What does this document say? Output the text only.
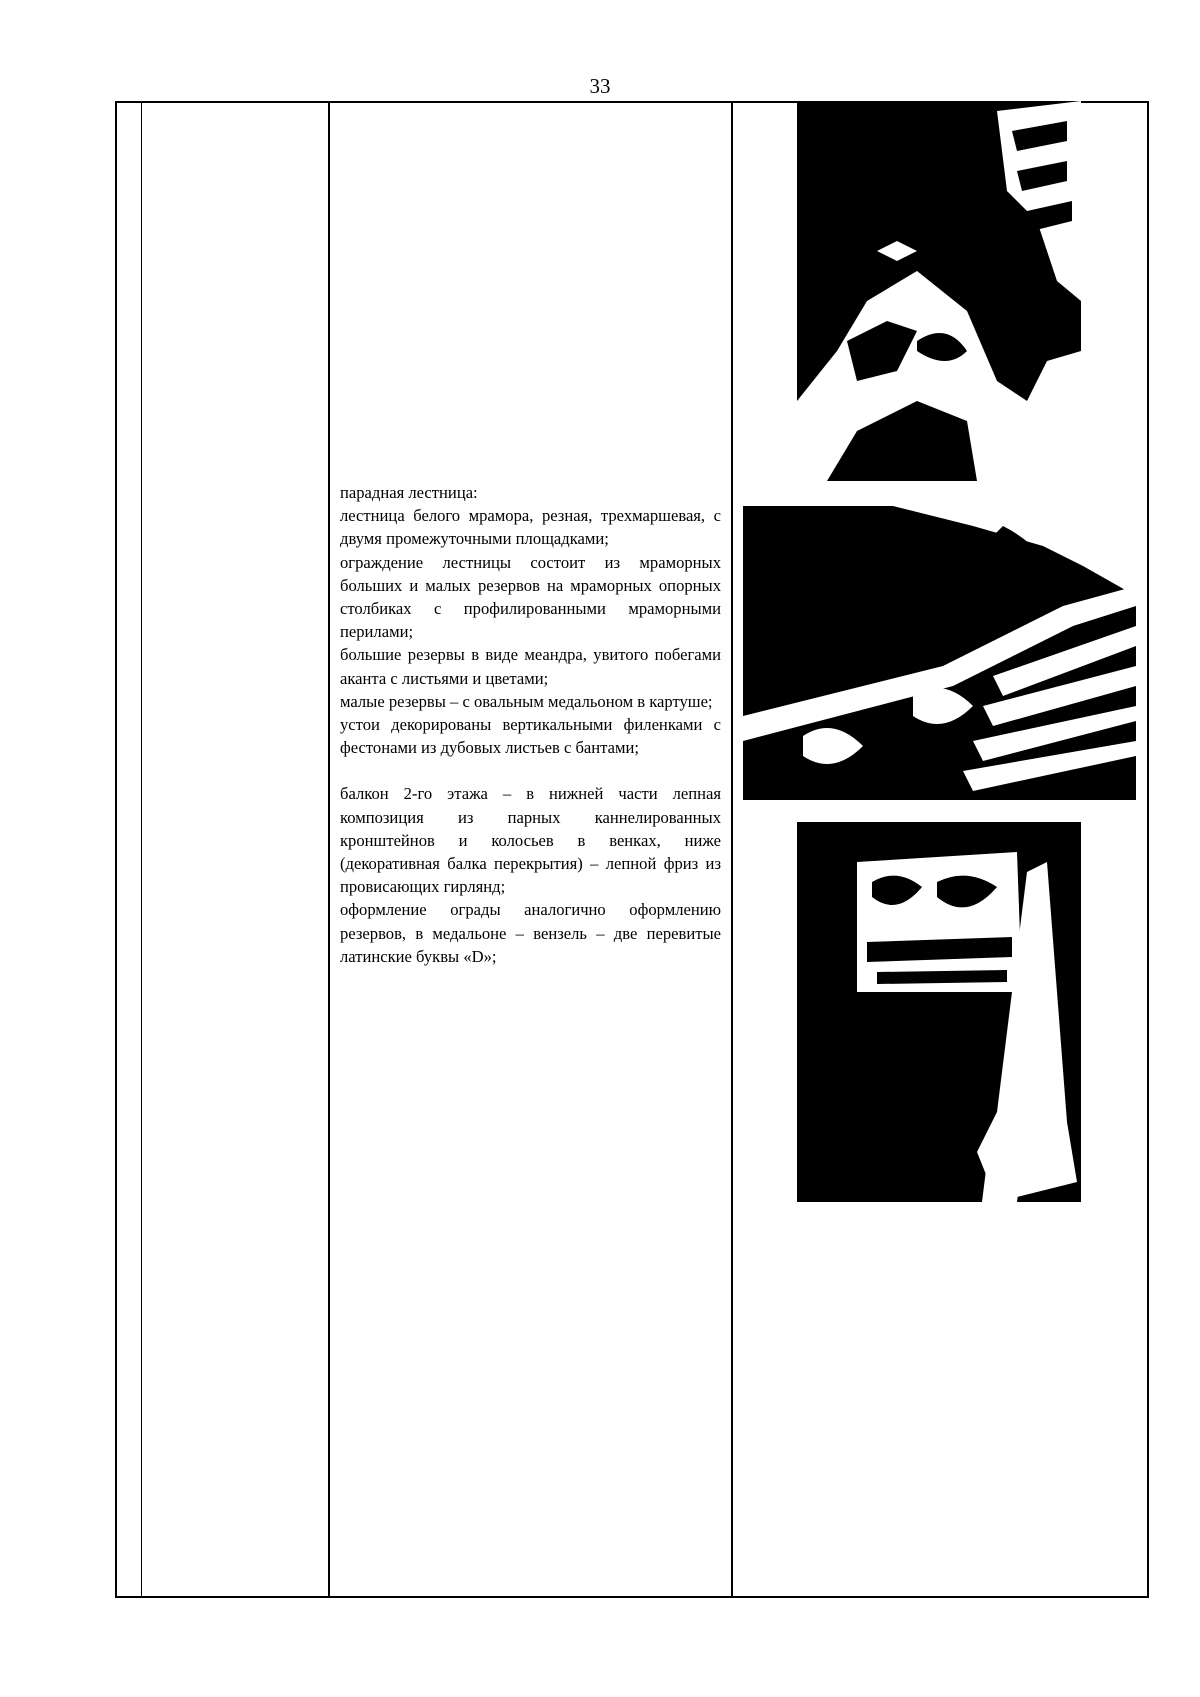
33

парадная лестница:

лестница белого мрамора, резная, трехмаршевая, с двумя промежуточными площадками;

ограждение лестницы состоит из мраморных больших и малых резервов на мраморных опорных столбиках с профилированными мраморными перилами;

большие резервы в виде меандра, увитого побегами аканта с листьями и цветами;

малые резервы – с овальным медальоном в картуше;

устои декорированы вертикальными филенками с фестонами из дубовых листьев с бантами;

балкон 2-го этажа – в нижней части лепная композиция из парных каннелированных кронштейнов и колосьев в венках, ниже (декоративная балка перекрытия) – лепной фриз из провисающих гирлянд;

оформление ограды аналогично оформлению резервов, в медальоне – вензель – две перевитые латинские буквы «D»;
